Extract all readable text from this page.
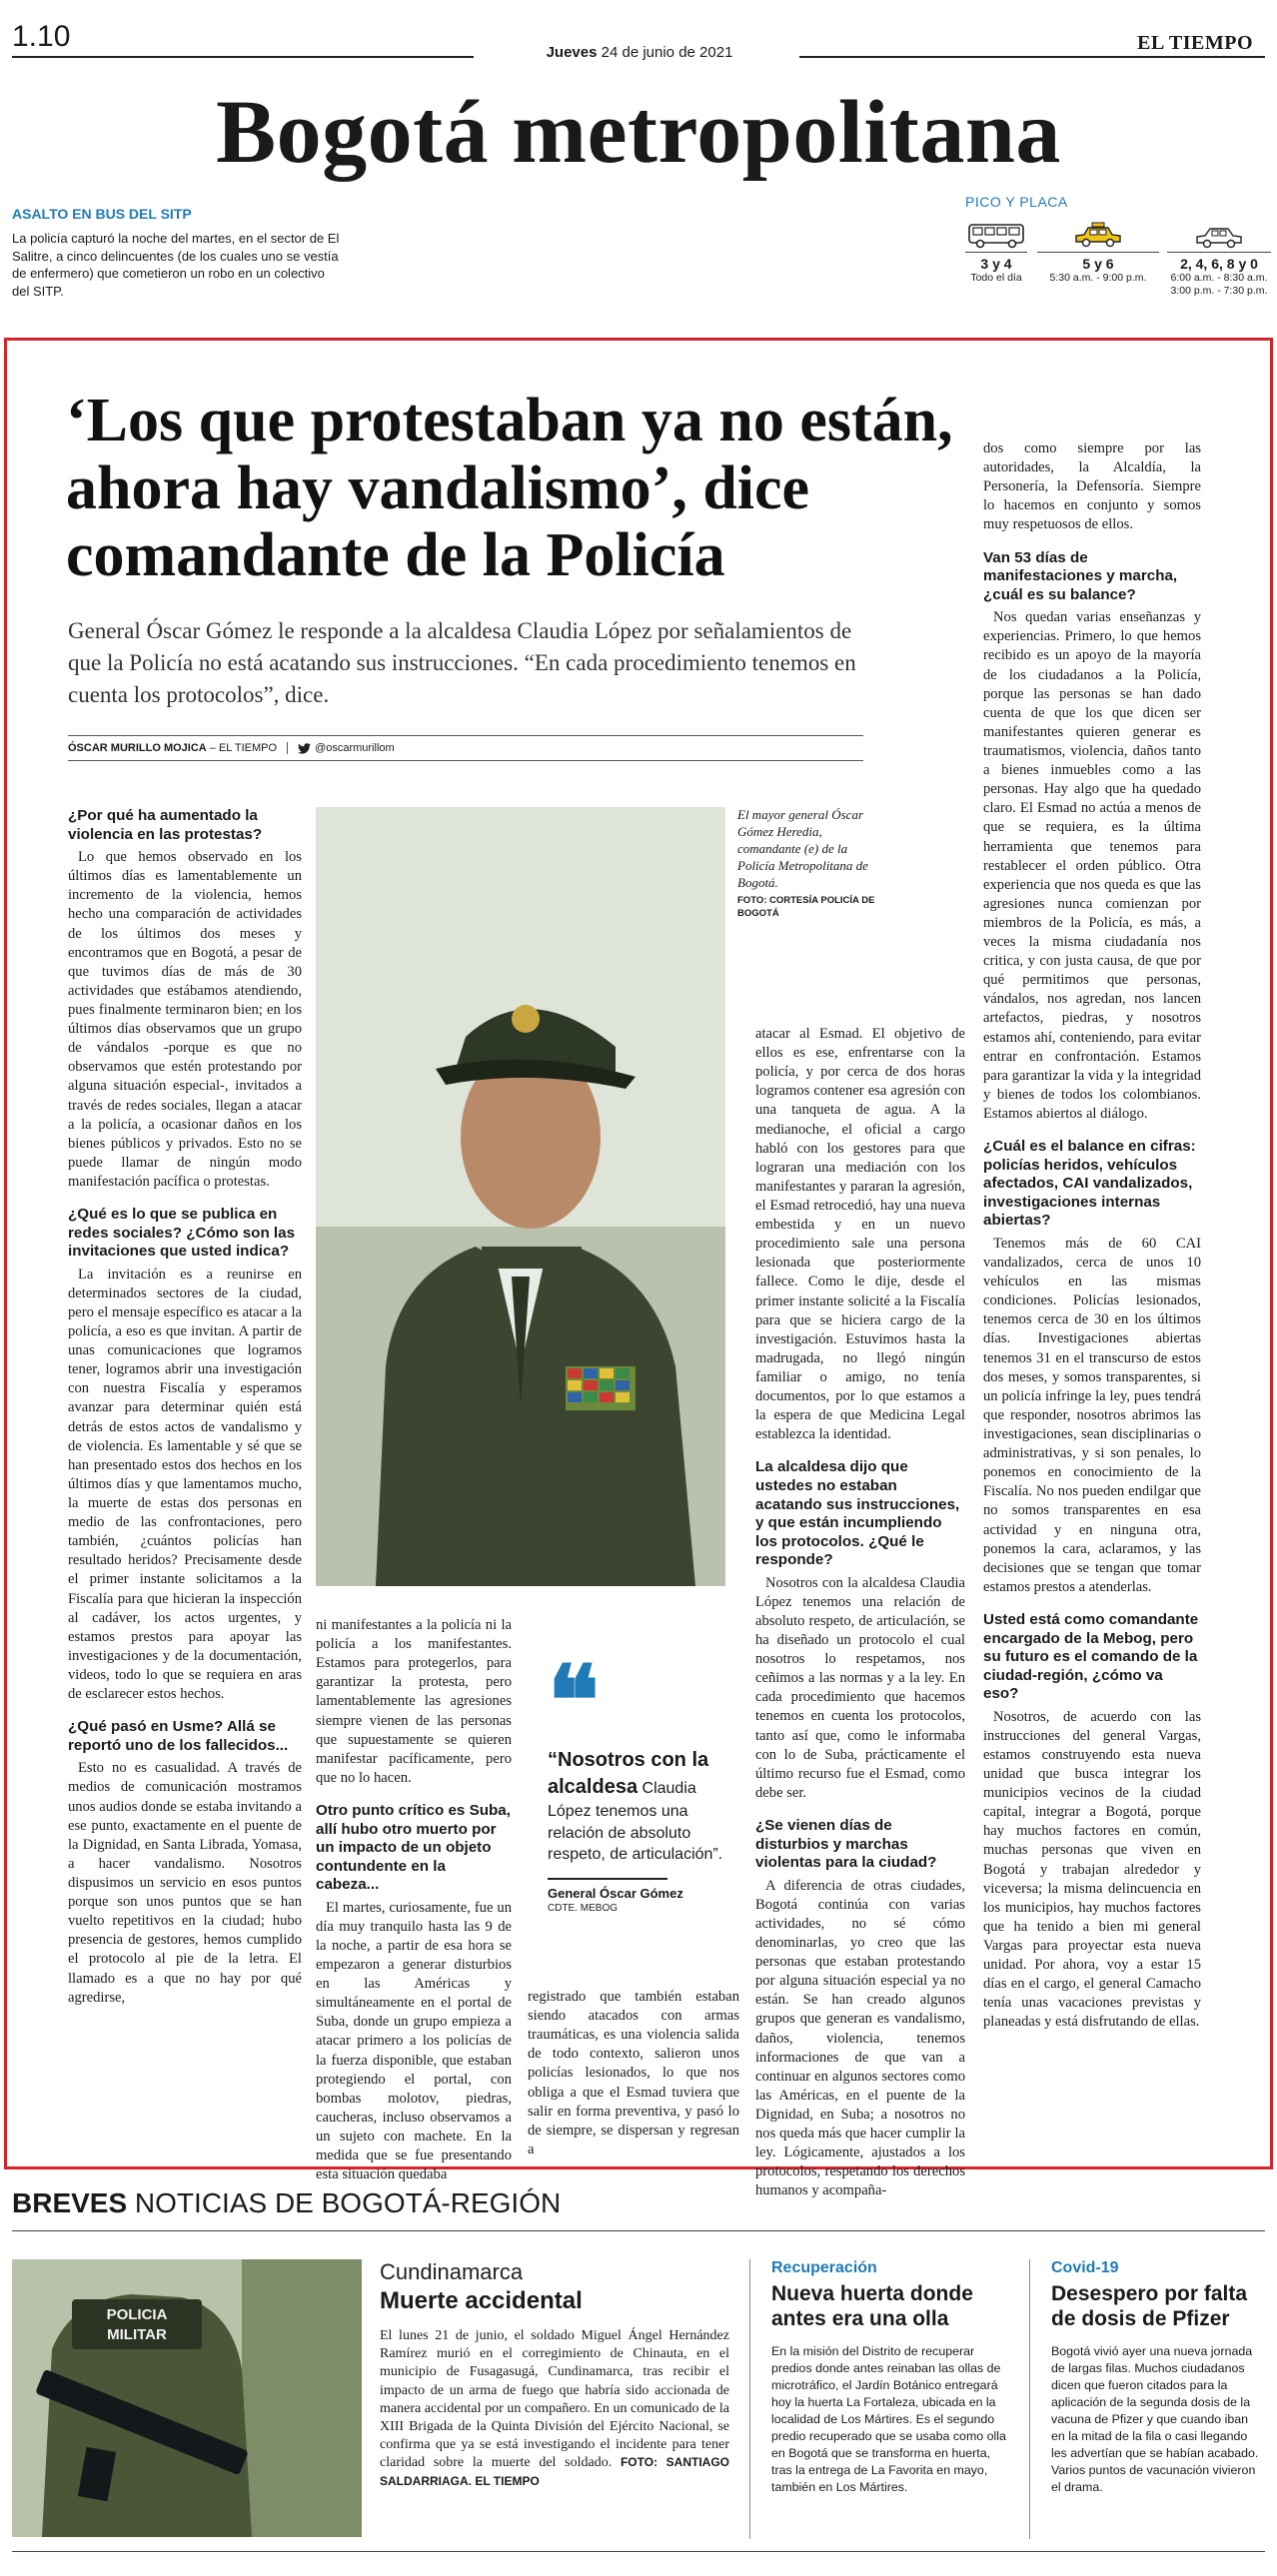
1.10	Jueves 24 de junio de 2021	EL TIEMPO
Bogotá metropolitana
ASALTO EN BUS DEL SITP
La policía capturó la noche del martes, en el sector de El Salitre, a cinco delincuentes (de los cuales uno se vestía de enfermero) que cometieron un robo en un colectivo del SITP.
PICO Y PLACA
3 y 4
Todo el día
5 y 6
5:30 a.m. - 9:00 p.m.
2, 4, 6, 8 y 0
6:00 a.m. - 8:30 a.m.
3:00 p.m. - 7:30 p.m.
‘Los que protestaban ya no están, ahora hay vandalismo’, dice comandante de la Policía

General Óscar Gómez le responde a la alcaldesa Claudia López por señalamientos de que la Policía no está acatando sus instrucciones. “En cada procedimiento tenemos en cuenta los protocolos”, dice.

ÓSCAR MURILLO MOJICA – EL TIEMPO	@oscarmurillom
El mayor general Óscar Gómez Heredia, comandante (e) de la Policía Metropolitana de Bogotá.
FOTO: CORTESÍA POLICÍA DE BOGOTÁ
¿Por qué ha aumentado la violencia en las protestas?

Lo que hemos observado en los últimos días es lamentablemente un incremento de la violencia, hemos hecho una comparación de actividades de los últimos dos meses y encontramos que en Bogotá, a pesar de que tuvimos días de más de 30 actividades que estábamos atendiendo, pues finalmente terminaron bien; en los últimos días observamos que un grupo de vándalos -porque es que no observamos que estén protestando por alguna situación especial-, invitados a través de redes sociales, llegan a atacar a la policía, a ocasionar daños en los bienes públicos y privados. Esto no se puede llamar de ningún modo manifestación pacífica o protestas.

¿Qué es lo que se publica en redes sociales? ¿Cómo son las invitaciones que usted indica?

La invitación es a reunirse en determinados sectores de la ciudad, pero el mensaje específico es atacar a la policía, a eso es que invitan. A partir de unas comunicaciones que logramos tener, logramos abrir una investigación con nuestra Fiscalía y esperamos avanzar para determinar quién está detrás de estos actos de vandalismo y de violencia. Es lamentable y sé que se han presentado estos dos hechos en los últimos días y que lamentamos mucho, la muerte de estas dos personas en medio de las confrontaciones, pero también, ¿cuántos policías han resultado heridos? Precisamente desde el primer instante solicitamos a la Fiscalía para que hicieran la inspección al cadáver, los actos urgentes, y estamos prestos para apoyar las investigaciones y de la documentación, videos, todo lo que se requiera en aras de esclarecer estos hechos.

¿Qué pasó en Usme? Allá se reportó uno de los fallecidos...

Esto no es casualidad. A través de medios de comunicación mostramos unos audios donde se estaba invitando a ese punto, exactamente en el puente de la Dignidad, en Santa Librada, Yomasa, a hacer vandalismo. Nosotros dispusimos un servicio en esos puntos porque son unos puntos que se han vuelto repetitivos en la ciudad; hubo presencia de gestores, hemos cumplido el protocolo al pie de la letra. El llamado es a que no hay por qué agredirse,

ni manifestantes a la policía ni la policía a los manifestantes. Estamos para protegerlos, para garantizar la protesta, pero lamentablemente las agresiones siempre vienen de las personas que supuestamente se quieren manifestar pacíficamente, pero que no lo hacen.

Otro punto crítico es Suba, allí hubo otro muerto por un impacto de un objeto contundente en la cabeza...

El martes, curiosamente, fue un día muy tranquilo hasta las 9 de la noche, a partir de esa hora se empezaron a generar disturbios en las Américas y simultáneamente en el portal de Suba, donde un grupo empieza a atacar primero a los policías de la fuerza disponible, que estaban protegiendo el portal, con bombas molotov, piedras, caucheras, incluso observamos a un sujeto con machete. En la medida que se fue presentando esta situación quedaba

registrado que también estaban siendo atacados con armas traumáticas, es una violencia salida de todo contexto, salieron unos policías lesionados, lo que nos obliga a que el Esmad tuviera que salir en forma preventiva, y pasó lo de siempre, se dispersan y regresan a

atacar al Esmad. El objetivo de ellos es ese, enfrentarse con la policía, y por cerca de dos horas logramos contener esa agresión con una tanqueta de agua. A la medianoche, el oficial a cargo habló con los gestores para que lograran una mediación con los manifestantes y pararan la agresión, el Esmad retrocedió, hay una nueva embestida y en un nuevo procedimiento sale una persona lesionada que posteriormente fallece. Como le dije, desde el primer instante solicité a la Fiscalía para que se hiciera cargo de la investigación. Estuvimos hasta la madrugada, no llegó ningún familiar o amigo, no tenía documentos, por lo que estamos a la espera de que Medicina Legal establezca la identidad.

La alcaldesa dijo que ustedes no estaban acatando sus instrucciones, y que están incumpliendo los protocolos. ¿Qué le responde?

Nosotros con la alcaldesa Claudia López tenemos una relación de absoluto respeto, de articulación, se ha diseñado un protocolo el cual nosotros lo respetamos, nos ceñimos a las normas y a la ley. En cada procedimiento que hacemos tenemos en cuenta los protocolos, tanto así que, como le informaba con lo de Suba, prácticamente el último recurso fue el Esmad, como debe ser.

¿Se vienen días de disturbios y marchas violentas para la ciudad?

A diferencia de otras ciudades, Bogotá continúa con varias actividades, no sé cómo denominarlas, yo creo que las personas que estaban protestando por alguna situación especial ya no están. Se han creado algunos grupos que generan es vandalismo, daños, violencia, tenemos informaciones de que van a continuar en algunos sectores como las Américas, en el puente de la Dignidad, en Suba; a nosotros no nos queda más que hacer cumplir la ley. Lógicamente, ajustados a los protocolos, respetando los derechos humanos y acompaña-

dos como siempre por las autoridades, la Alcaldía, la Personería, la Defensoría. Siempre lo hacemos en conjunto y somos muy respetuosos de ellos.

Van 53 días de manifestaciones y marcha, ¿cuál es su balance?

Nos quedan varias enseñanzas y experiencias. Primero, lo que hemos recibido es un apoyo de la mayoría de los ciudadanos a la Policía, porque las personas se han dado cuenta de que los que dicen ser manifestantes quieren generar es traumatismos, violencia, daños tanto a bienes inmuebles como a las personas. Hay algo que ha quedado claro. El Esmad no actúa a menos de que se requiera, es la última herramienta que tenemos para restablecer el orden público. Otra experiencia que nos queda es que las agresiones nunca comienzan por miembros de la Policía, es más, a veces la misma ciudadanía nos critica, y con justa causa, de que por qué permitimos que personas, vándalos, nos agredan, nos lancen artefactos, piedras, y nosotros estamos ahí, conteniendo, para evitar entrar en confrontación. Estamos para garantizar la vida y la integridad y bienes de todos los colombianos. Estamos abiertos al diálogo.

¿Cuál es el balance en cifras: policías heridos, vehículos afectados, CAI vandalizados, investigaciones internas abiertas?

Tenemos más de 60 CAI vandalizados, cerca de unos 10 vehículos en las mismas condiciones. Policías lesionados, tenemos cerca de 30 en los últimos días. Investigaciones abiertas tenemos 31 en el transcurso de estos dos meses, y somos transparentes, si un policía infringe la ley, pues tendrá que responder, nosotros abrimos las investigaciones, sean disciplinarias o administrativas, y si son penales, lo ponemos en conocimiento de la Fiscalía. No nos pueden endilgar que no somos transparentes en esa actividad y en ninguna otra, ponemos la cara, aclaramos, y las decisiones que se tengan que tomar estamos prestos a atenderlas.

Usted está como comandante encargado de la Mebog, pero su futuro es el comando de la ciudad-región, ¿cómo va eso?

Nosotros, de acuerdo con las instrucciones del general Vargas, estamos construyendo esta nueva unidad que busca integrar los municipios vecinos de la ciudad capital, integrar a Bogotá, porque hay muchos factores en común, muchas personas que viven en Bogotá y trabajan alrededor y viceversa; la misma delincuencia en los municipios, hay muchos factores que ha tenido a bien mi general Vargas para proyectar esta nueva unidad. Por ahora, voy a estar 15 días en el cargo, el general Camacho tenía unas vacaciones previstas y planeadas y está disfrutando de ellas.

❝
“Nosotros con la alcaldesa Claudia López tenemos una relación de absoluto respeto, de articulación”.
General Óscar Gómez
CDTE. MEBOG
BREVES NOTICIAS DE BOGOTÁ-REGIÓN
POLICIA
MILITAR
Cundinamarca
Muerte accidental
El lunes 21 de junio, el soldado Miguel Ángel Hernández Ramírez murió en el corregimiento de Chinauta, en el municipio de Fusagasugá, Cundinamarca, tras recibir el impacto de un arma de fuego que habría sido accionada de manera accidental por un compañero. En un comunicado de la XIII Brigada de la Quinta División del Ejército Nacional, se confirma que ya se está investigando el incidente para tener claridad sobre la muerte del soldado. FOTO: SANTIAGO SALDARRIAGA. EL TIEMPO
Recuperación
Nueva huerta donde antes era una olla
En la misión del Distrito de recuperar predios donde antes reinaban las ollas de microtráfico, el Jardín Botánico entregará hoy la huerta La Fortaleza, ubicada en la localidad de Los Mártires. Es el segundo predio recuperado que se usaba como olla en Bogotá que se transforma en huerta, tras la entrega de La Favorita en mayo, también en Los Mártires.
Covid-19
Desespero por falta de dosis de Pfizer
Bogotá vivió ayer una nueva jornada de largas filas. Muchos ciudadanos dicen que fueron citados para la aplicación de la segunda dosis de la vacuna de Pfizer y que cuando iban en la mitad de la fila o casi llegando les advertían que se habían acabado. Varios puntos de vacunación vivieron el drama.
